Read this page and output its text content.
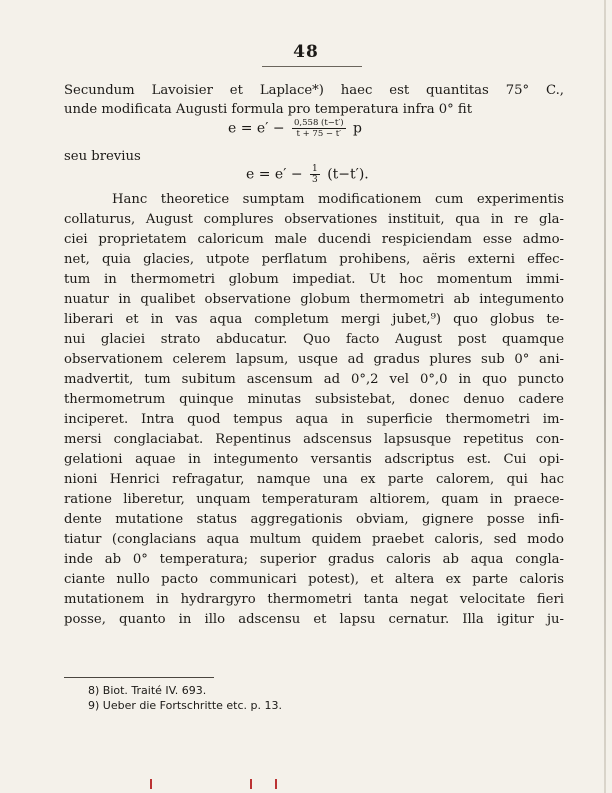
48
Secundum Lavoisier et Laplace*) haec est quantitas 75° C.,
unde modificata Augusti formula pro temperatura infra 0° fit
$e = e' - \frac{0,558 (t-t')}{t + 75 - t'}$ p
seu brevius
$e = e' - \frac{1}{3} (t-t')$.
Hanc theoretice sumptam modificationem cum experimentis
collaturus, August complures observationes instituit, qua in re gla-
ciei proprietatem caloricum male ducendi respiciendam esse admo-
net, quia glacies, utpote perflatum prohibens, aëris externi effec-
tum in thermometri globum impediat. Ut hoc momentum immi-
nuatur in qualibet observatione globum thermometri ab integumento
liberari et in vas aqua completum mergi jubet,⁹) quo globus te-
nui glaciei strato abducatur. Quo facto August post quamque
observationem celerem lapsum, usque ad gradus plures sub 0° ani-
madvertit, tum subitum ascensum ad 0°,2 vel 0°,0 in quo puncto
thermometrum quinque minutas subsistebat, donec denuo cadere
inciperet. Intra quod tempus aqua in superficie thermometri im-
mersi conglaciabat. Repentinus adscensus lapsusque repetitus con-
gelationi aquae in integumento versantis adscriptus est. Cui opi-
nioni Henrici refragatur, namque una ex parte calorem, qui hac
ratione liberetur, unquam temperaturam altiorem, quam in praece-
dente mutatione status aggregationis obviam, gignere posse infi-
tiatur (conglacians aqua multum quidem praebet caloris, sed modo
inde ab 0° temperatura; superior gradus caloris ab aqua congla-
ciante nullo pacto communicari potest), et altera ex parte caloris
mutationem in hydrargyro thermometri tanta negat velocitate fieri
posse, quanto in illo adscensu et lapsu cernatur. Illa igitur ju-
8) Biot. Traité IV. 693.
9) Ueber die Fortschritte etc. p. 13.
